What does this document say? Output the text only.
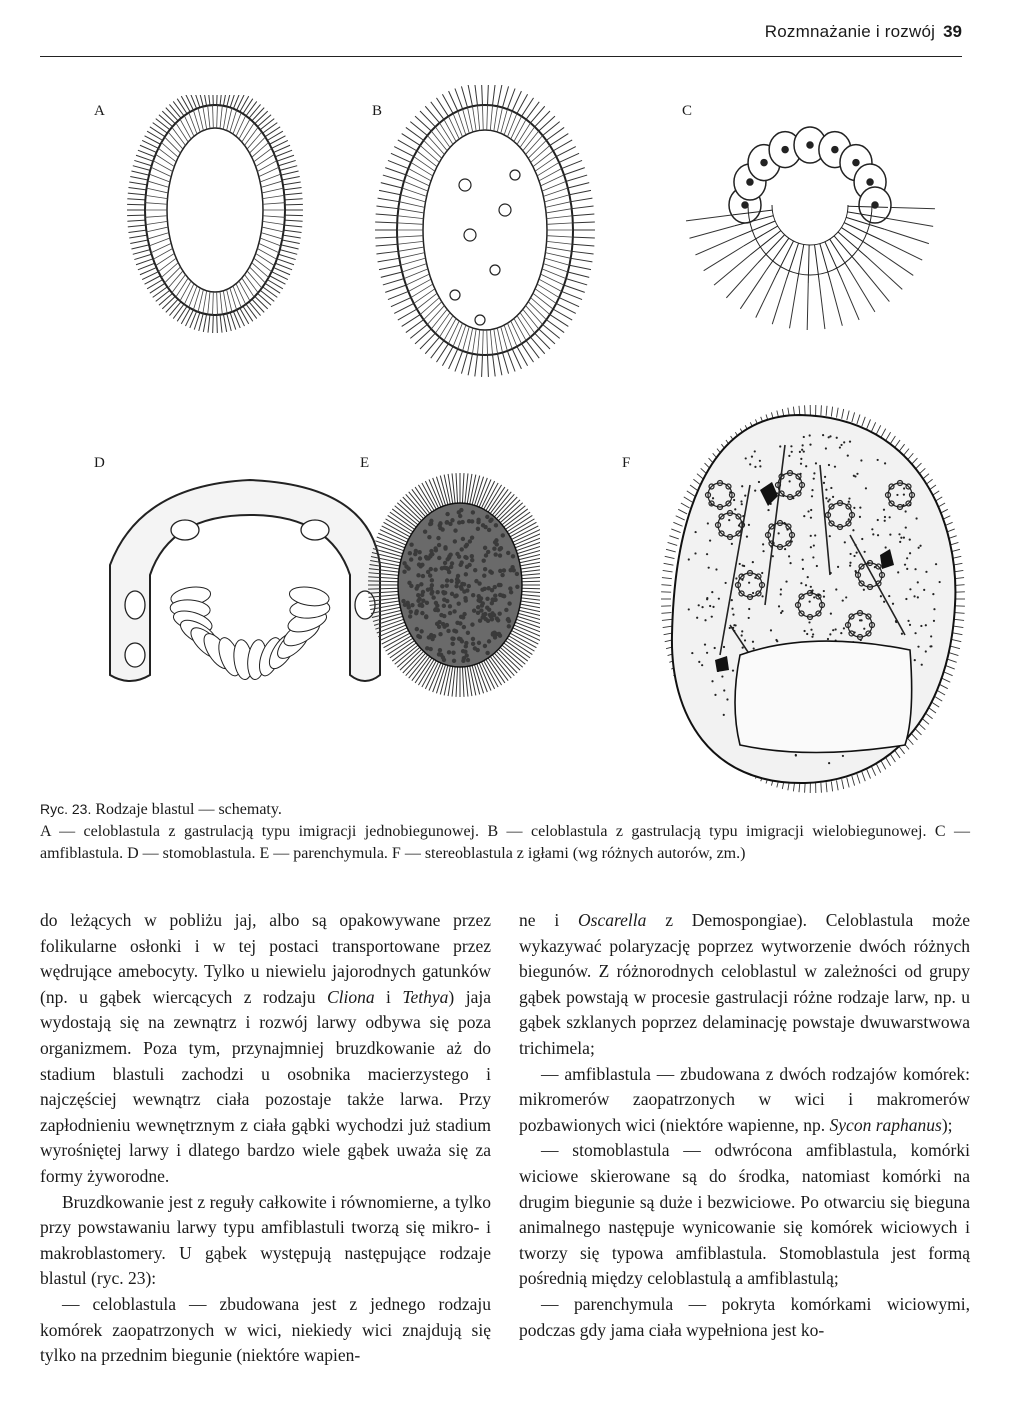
Rozmnażanie i rozwój 39
A	B	C
D	E	F

Ryc. 23. Rodzaje blastul — schematy.

A — celoblastula z gastrulacją typu imigracji jednobiegunowej. B — celoblastula z gastrulacją typu imigracji wielobiegunowej. C — amfiblastula. D — stomoblastula. E — parenchymula. F — stereoblastula z igłami (wg różnych autorów, zm.)

do leżących w pobliżu jaj, albo są opakowywane przez folikularne osłonki i w tej postaci transportowane przez wędrujące amebocyty. Tylko u niewielu jajorodnych gatunków (np. u gąbek wiercących z rodzaju Cliona i Tethya) jaja wydostają się na zewnątrz i rozwój larwy odbywa się poza organizmem. Poza tym, przynajmniej bruzdkowanie aż do stadium blastuli zachodzi u osobnika macierzystego i najczęściej wewnątrz ciała pozostaje także larwa. Przy zapłodnieniu wewnętrznym z ciała gąbki wychodzi już stadium wyrośniętej larwy i dlatego bardzo wiele gąbek uważa się za formy żyworodne.

Bruzdkowanie jest z reguły całkowite i równomierne, a tylko przy powstawaniu larwy typu amfiblastuli tworzą się mikro- i makroblastomery. U gąbek występują następujące rodzaje blastul (ryc. 23):

— celoblastula — zbudowana jest z jednego rodzaju komórek zaopatrzonych w wici, niekiedy wici znajdują się tylko na przednim biegunie (niektóre wapien-

ne i Oscarella z Demospongiae). Celoblastula może wykazywać polaryzację poprzez wytworzenie dwóch różnych biegunów. Z różnorodnych celoblastul w zależności od grupy gąbek powstają w procesie gastrulacji różne rodzaje larw, np. u gąbek szklanych poprzez delaminację powstaje dwuwarstwowa trichimela;

— amfiblastula — zbudowana z dwóch rodzajów komórek: mikromerów zaopatrzonych w wici i makromerów pozbawionych wici (niektóre wapienne, np. Sycon raphanus);

— stomoblastula — odwrócona amfiblastula, komórki wiciowe skierowane są do środka, natomiast komórki na drugim biegunie są duże i bezwiciowe. Po otwarciu się bieguna animalnego następuje wynicowanie się komórek wiciowych i tworzy się typowa amfiblastula. Stomoblastula jest formą pośrednią między celoblastulą a amfiblastulą;

— parenchymula — pokryta komórkami wiciowymi, podczas gdy jama ciała wypełniona jest ko-
